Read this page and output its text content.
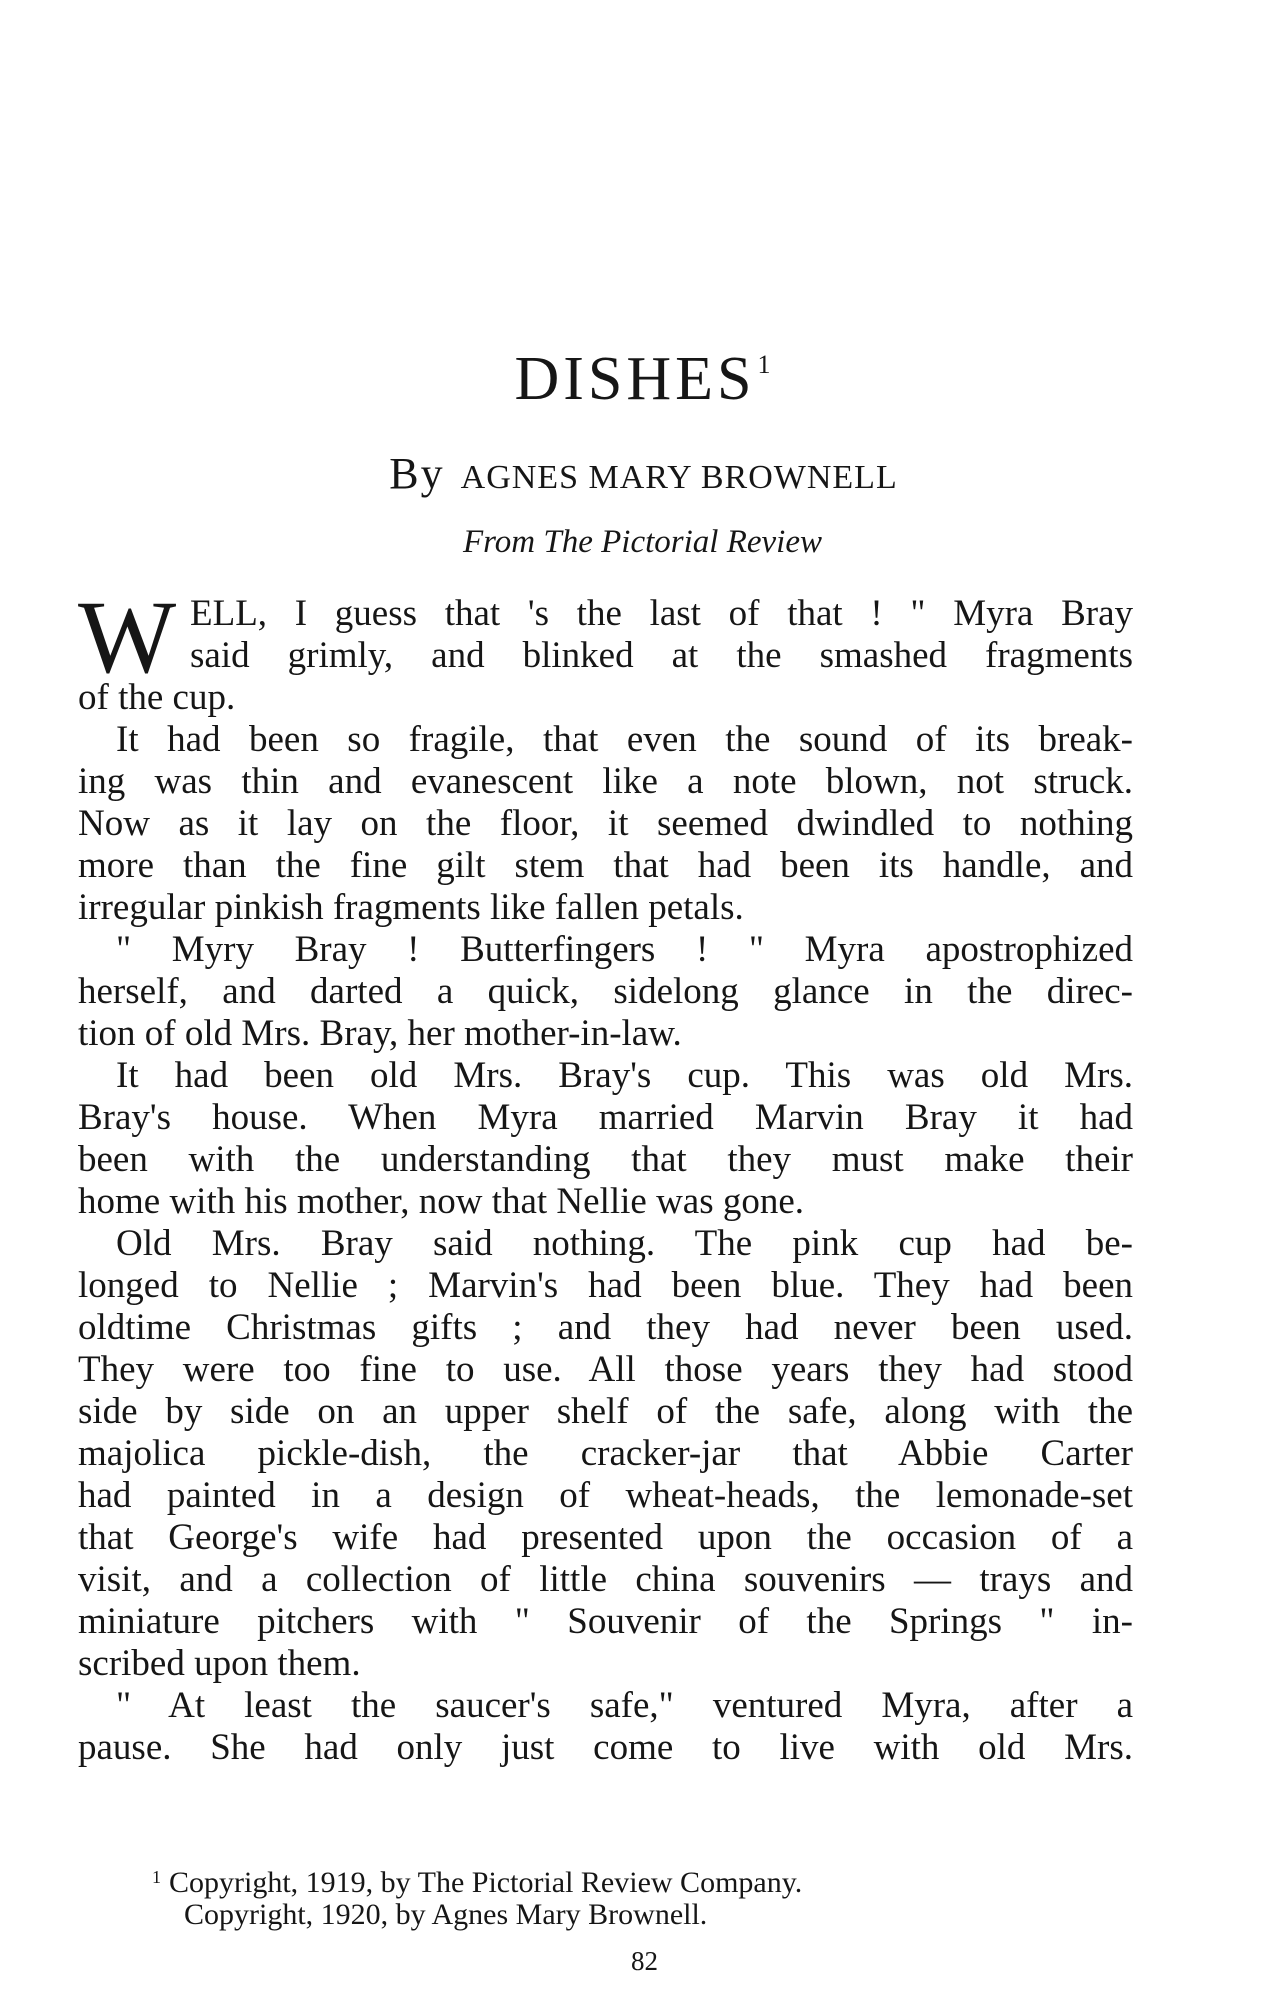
DISHES$^1$
By AGNES MARY BROWNELL
From The Pictorial Review
W ELL, I guess that 's the last of that ! " Myra Bray
said grimly, and blinked at the smashed fragments
of the cup.
It had been so fragile, that even the sound of its break-
ing was thin and evanescent like a note blown, not struck.
Now as it lay on the floor, it seemed dwindled to nothing
more than the fine gilt stem that had been its handle, and
irregular pinkish fragments like fallen petals.
" Myry Bray ! Butterfingers ! " Myra apostrophized
herself, and darted a quick, sidelong glance in the direc-
tion of old Mrs. Bray, her mother-in-law.
It had been old Mrs. Bray's cup. This was old Mrs.
Bray's house. When Myra married Marvin Bray it had
been with the understanding that they must make their
home with his mother, now that Nellie was gone.
Old Mrs. Bray said nothing. The pink cup had be-
longed to Nellie ; Marvin's had been blue. They had been
oldtime Christmas gifts ; and they had never been used.
They were too fine to use. All those years they had stood
side by side on an upper shelf of the safe, along with the
majolica pickle-dish, the cracker-jar that Abbie Carter
had painted in a design of wheat-heads, the lemonade-set
that George's wife had presented upon the occasion of a
visit, and a collection of little china souvenirs — trays and
miniature pitchers with " Souvenir of the Springs " in-
scribed upon them.
" At least the saucer's safe," ventured Myra, after a
pause. She had only just come to live with old Mrs.
$^1$ Copyright, 1919, by The Pictorial Review Company.
Copyright, 1920, by Agnes Mary Brownell.
82
